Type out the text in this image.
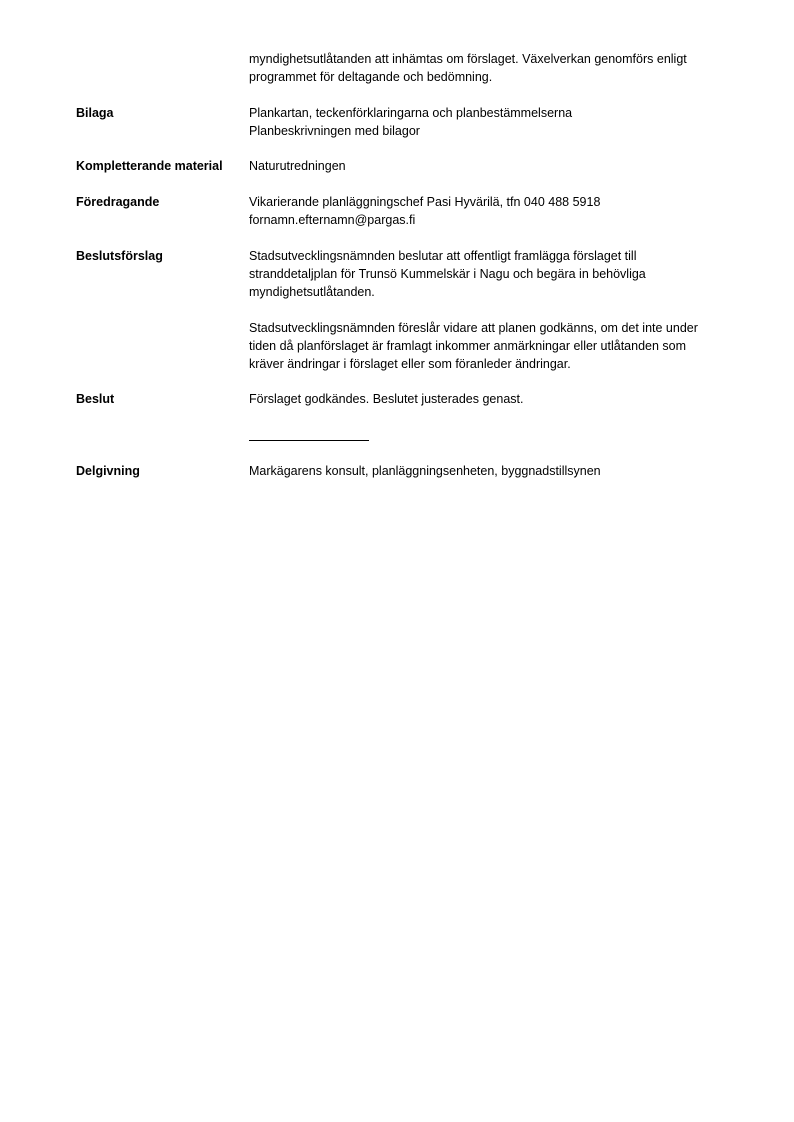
myndighetsutlåtanden att inhämtas om förslaget. Växelverkan genomförs enligt
programmet för deltagande och bedömning.
Bilaga	Plankartan, teckenförklaringarna och planbestämmelserna
Planbeskrivningen med bilagor
Kompletterande material	Naturutredningen
Föredragande	Vikarierande planläggningschef Pasi Hyvärilä, tfn 040 488 5918
fornamn.efternamn@pargas.fi
Beslutsförslag	Stadsutvecklingsnämnden beslutar att offentligt framlägga förslaget till
stranddetaljplan för Trunsö Kummelskär i Nagu och begära in behövliga
myndighetsutlåtanden.
Stadsutvecklingsnämnden föreslår vidare att planen godkänns, om det inte under
tiden då planförslaget är framlagt inkommer anmärkningar eller utlåtanden som
kräver ändringar i förslaget eller som föranleder ändringar.
Beslut	Förslaget godkändes. Beslutet justerades genast.
Delgivning	Markägarens konsult, planläggningsenheten, byggnadstillsynen
